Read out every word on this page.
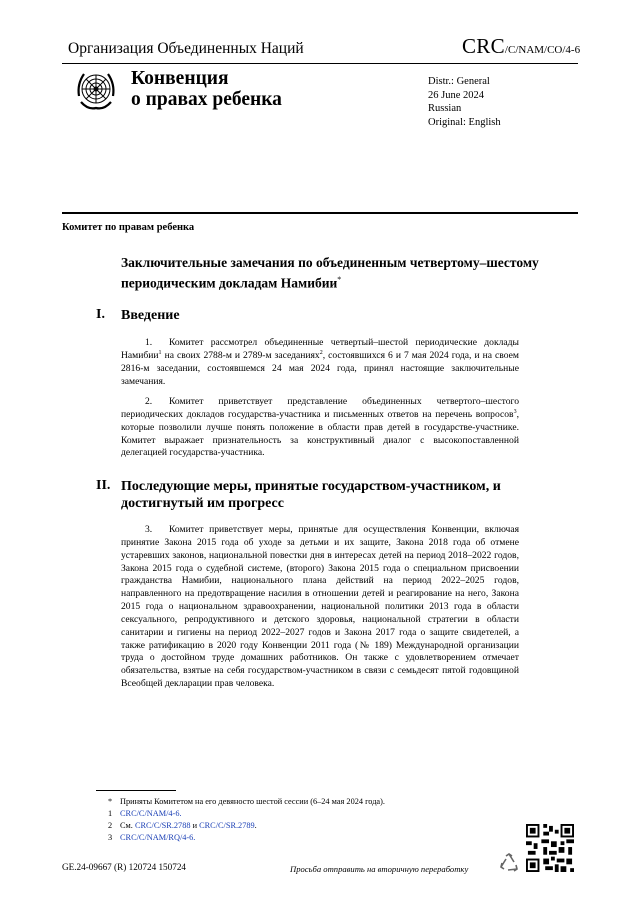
Организация Объединенных Наций	CRC/C/NAM/CO/4-6
Конвенция
о правах ребенка
Distr.: General
26 June 2024
Russian
Original: English
Комитет по правам ребенка
Заключительные замечания по объединенным четвертому–шестому периодическим докладам Намибии*
I. Введение
1. Комитет рассмотрел объединенные четвертый–шестой периодические доклады Намибии$^1$ на своих 2788-м и 2789-м заседаниях$^2$, состоявшихся 6 и 7 мая 2024 года, и на своем 2816-м заседании, состоявшемся 24 мая 2024 года, принял настоящие заключительные замечания.
2. Комитет приветствует представление объединенных четвертого–шестого периодических докладов государства-участника и письменных ответов на перечень вопросов$^3$, которые позволили лучше понять положение в области прав детей в государстве-участнике. Комитет выражает признательность за конструктивный диалог с высокопоставленной делегацией государства-участника.
II. Последующие меры, принятые государством-участником, и достигнутый им прогресс
3. Комитет приветствует меры, принятые для осуществления Конвенции, включая принятие Закона 2015 года об уходе за детьми и их защите, Закона 2018 года об отмене устаревших законов, национальной повестки дня в интересах детей на период 2018–2022 годов, Закона 2015 года о судебной системе, (второго) Закона 2015 года о специальном присвоении гражданства Намибии, национального плана действий на период 2022–2025 годов, направленного на предотвращение насилия в отношении детей и реагирование на него, Закона 2015 года о национальном здравоохранении, национальной политики 2013 года в области сексуального, репродуктивного и детского здоровья, национальной стратегии в области санитарии и гигиены на период 2022–2027 годов и Закона 2017 года о защите свидетелей, а также ратификацию в 2020 году Конвенции 2011 года (№ 189) Международной организации труда о достойном труде домашних работников. Он также с удовлетворением отмечает обязательства, взятые на себя государством-участником в связи с семьдесят пятой годовщиной Всеобщей декларации прав человека.
* Приняты Комитетом на его девяносто шестой сессии (6–24 мая 2024 года).
1 CRC/C/NAM/4-6.
2 См. CRC/C/SR.2788 и CRC/C/SR.2789.
3 CRC/C/NAM/RQ/4-6.
GE.24-09667 (R) 120724 150724	Просьба отправить на вторичную переработку
